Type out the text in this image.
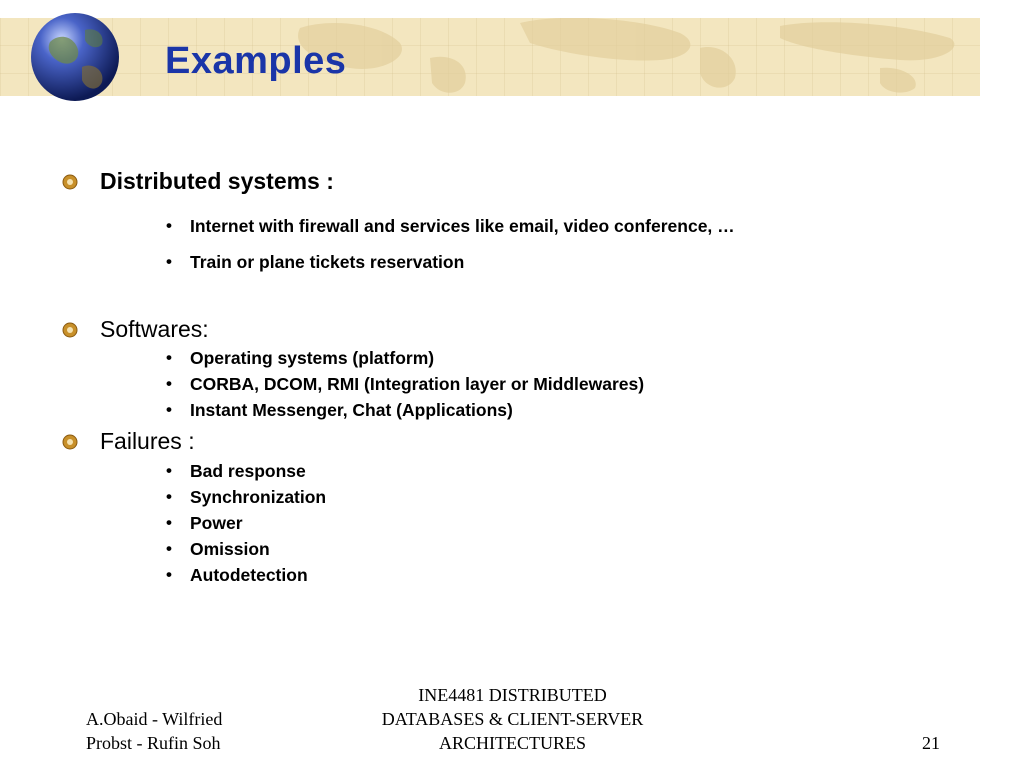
Examples
Distributed systems :
•	Internet with firewall and services like email, video conference, …
•	Train or plane tickets reservation
Softwares:
•	Operating systems (platform)
•	CORBA, DCOM, RMI (Integration layer or Middlewares)
•	Instant Messenger, Chat (Applications)
Failures :
•	Bad response
•	Synchronization
•	Power
•	Omission
•	Autodetection
A.Obaid - Wilfried
Probst - Rufin Soh
INE4481 DISTRIBUTED
DATABASES & CLIENT-SERVER
ARCHITECTURES	21
